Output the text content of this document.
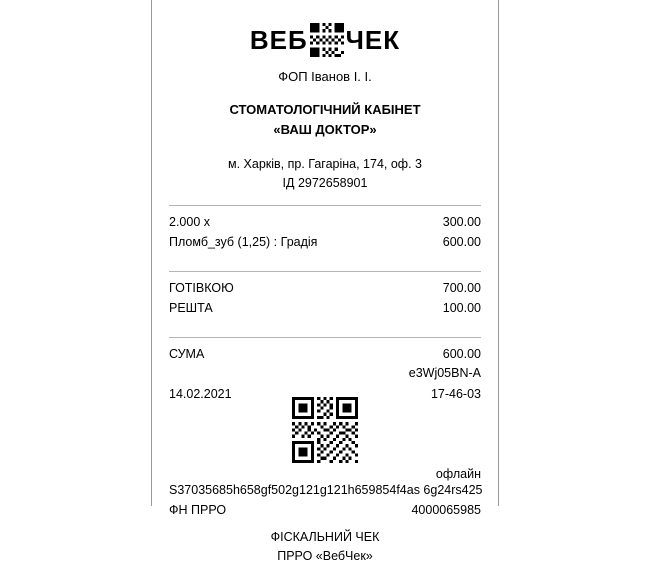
ВЕБ ЧЕК
ФОП Іванов І. І.
СТОМАТОЛОГІЧНИЙ КАБІНЕТ
«ВАШ ДОКТОР»
м. Харків, пр. Гагаріна, 174, оф. 3
ІД 2972658901
2.000 x	300.00
Пломб_зуб (1,25) : Градія	600.00
ГОТІВКОЮ	700.00
РЕШТА	100.00
СУМА	600.00
e3Wj05BN-A
14.02.2021	17-46-03
офлайн
S37035685h658gf502g121g121h659854f4as 6g24rs425
ФН ПРРО	4000065985
ФІСКАЛЬНИЙ ЧЕК
ПРРО «ВебЧек»
